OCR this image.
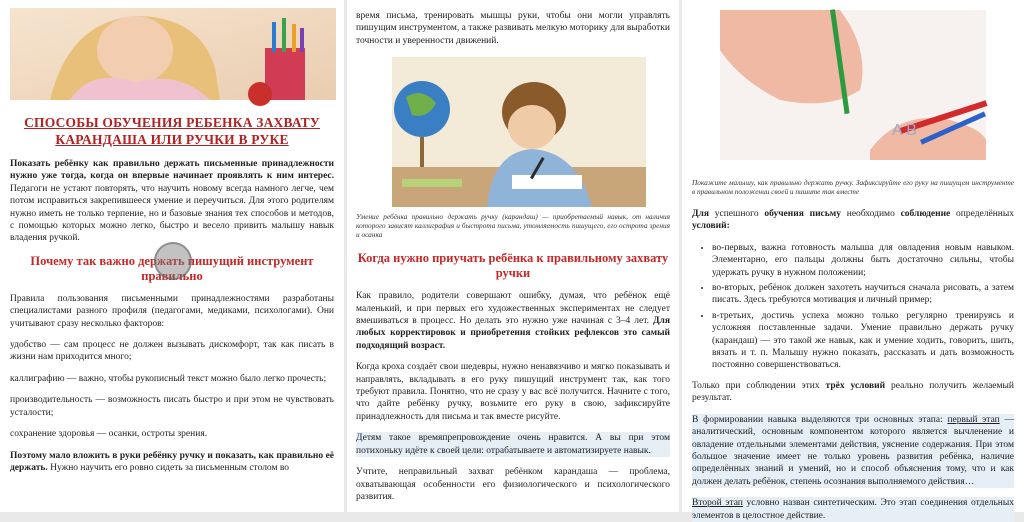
СПОСОБЫ ОБУЧЕНИЯ РЕБЕНКА ЗАХВАТУ КАРАНДАША ИЛИ РУЧКИ В РУКЕ

Показать ребёнку как правильно держать письменные принадлежности нужно уже тогда, когда он впервые начинает проявлять к ним интерес. Педагоги не устают повторять, что научить новому всегда намного легче, чем потом исправиться закрепившееся умение и переучиться. Для этого родителям нужно иметь не только терпение, но и базовые знания тех способов и методов, с помощью которых можно легко, быстро и весело привить малышу навык владения ручкой.

Почему так важно держать пишущий инструмент правильно

Правила пользования письменными принадлежностями разработаны специалистами разного профиля (педагогами, медиками, психологами). Они учитывают сразу несколько факторов:

удобство — сам процесс не должен вызывать дискомфорт, так как писать в жизни нам приходится много;

каллиграфию — важно, чтобы рукописный текст можно было легко прочесть;

производительность — возможность писать быстро и при этом не чувствовать усталости;

сохранение здоровья — осанки, остроты зрения.

Поэтому мало вложить в руки ребёнку ручку и показать, как правильно её держать. Нужно научить его ровно сидеть за письменным столом во

время письма, тренировать мышцы руки, чтобы они могли управлять пишущим инструментом, а также развивать мелкую моторику для выработки точности и уверенности движений.

Умение ребёнка правильно держать ручку (карандаш) — приобретаемый навык, от наличия которого зависят каллиграфия и быстрота письма, утомляемость пишущего, его острота зрения и осанка
Когда нужно приучать ребёнка к правильному захвату ручки

Как правило, родители совершают ошибку, думая, что ребёнок ещё маленький, и при первых его художественных экспериментах не следует вмешиваться в процесс. Но делать это нужно уже начиная с 3–4 лет. Для любых корректировок и приобретения стойких рефлексов это самый подходящий возраст.

Когда кроха создаёт свои шедевры, нужно ненавязчиво и мягко показывать и направлять, вкладывать в его руку пишущий инструмент так, как того требуют правила. Понятно, что не сразу у вас всё получится. Начните с того, что дайте ребёнку ручку, возьмите его руку в свою, зафиксируйте принадлежность для письма и так вместе рисуйте.

Детям такое времяпрепровождение очень нравится. А вы при этом потихоньку идёте к своей цели: отрабатываете и автоматизируете навык.

Учтите, неправильный захват ребёнком карандаша — проблема, охватывающая особенности его физиологического и психологического развития.

A B
Покажите малышу, как правильно держать ручку. Зафиксируйте его руку на пишущем инструменте в правильном положении своей и пишите так вместе

Для успешного обучения письму необходимо соблюдение определённых условий:

• во-первых, важна готовность малыша для овладения новым навыком. Элементарно, его пальцы должны быть достаточно сильны, чтобы удержать ручку в нужном положении;
• во-вторых, ребёнок должен захотеть научиться сначала рисовать, а затем писать. Здесь требуются мотивация и личный пример;
• в-третьих, достичь успеха можно только регулярно тренируясь и усложняя поставленные задачи. Умение правильно держать ручку (карандаш) — это такой же навык, как и умение ходить, говорить, шить, вязать и т. п. Малышу нужно показать, рассказать и дать возможность постоянно совершенствоваться.

Только при соблюдении этих трёх условий реально получить желаемый результат.

В формировании навыка выделяются три основных этапа: первый этап — аналитический, основным компонентом которого является вычленение и овладение отдельными элементами действия, уяснение содержания. При этом большое значение имеет не только уровень развития ребёнка, наличие определённых знаний и умений, но и способ объяснения тому, что и как должен делать ребёнок, степень осознания выполняемого действия…

Второй этап условно назван синтетическим. Это этап соединения отдельных элементов в целостное действие.
